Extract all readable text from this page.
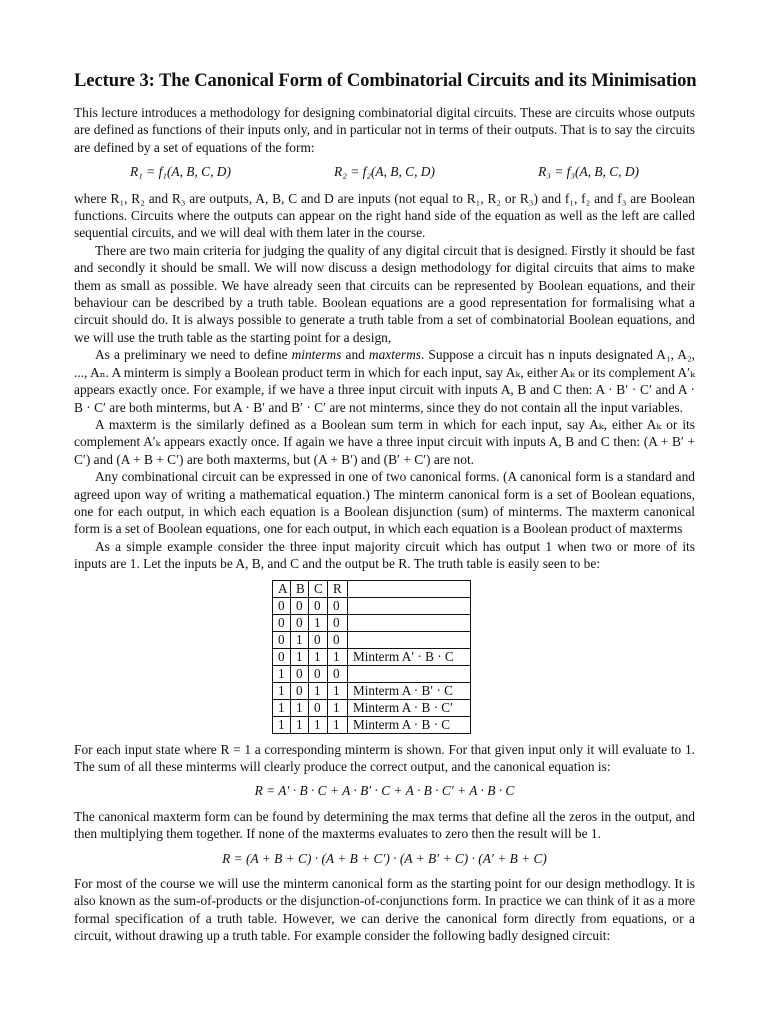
Lecture 3: The Canonical Form of Combinatorial Circuits and its Minimisation

This lecture introduces a methodology for designing combinatorial digital circuits. These are circuits whose outputs are defined as functions of their inputs only, and in particular not in terms of their outputs. That is to say the circuits are defined by a set of equations of the form:

R₁ = f₁(A, B, C, D)	R₂ = f₂(A, B, C, D)	R₃ = f₃(A, B, C, D)

where R₁, R₂ and R₃ are outputs, A, B, C and D are inputs (not equal to R₁, R₂ or R₃) and f₁, f₂ and f₃ are Boolean functions. Circuits where the outputs can appear on the right hand side of the equation as well as the left are called sequential circuits, and we will deal with them later in the course.

There are two main criteria for judging the quality of any digital circuit that is designed. Firstly it should be fast and secondly it should be small. We will now discuss a design methodology for digital circuits that aims to make them as small as possible. We have already seen that circuits can be represented by Boolean equations, and their behaviour can be described by a truth table. Boolean equations are a good representation for formalising what a circuit should do. It is always possible to generate a truth table from a set of combinatorial Boolean equations, and we will use the truth table as the starting point for a design,

As a preliminary we need to define minterms and maxterms. Suppose a circuit has n inputs designated A₁, A₂, ..., Aₙ. A minterm is simply a Boolean product term in which for each input, say Aₖ, either Aₖ or its complement A′ₖ appears exactly once. For example, if we have a three input circuit with inputs A, B and C then: A · B′ · C′ and A · B · C′ are both minterms, but A · B′ and B′ · C′ are not minterms, since they do not contain all the input variables.

A maxterm is the similarly defined as a Boolean sum term in which for each input, say Aₖ, either Aₖ or its complement A′ₖ appears exactly once. If again we have a three input circuit with inputs A, B and C then: (A + B′ + C′) and (A + B + C′) are both maxterms, but (A + B′) and (B′ + C′) are not.

Any combinational circuit can be expressed in one of two canonical forms. (A canonical form is a standard and agreed upon way of writing a mathematical equation.) The minterm canonical form is a set of Boolean equations, one for each output, in which each equation is a Boolean disjunction (sum) of minterms. The maxterm canonical form is a set of Boolean equations, one for each output, in which each equation is a Boolean product of maxterms

As a simple example consider the three input majority circuit which has output 1 when two or more of its inputs are 1. Let the inputs be A, B, and C and the output be R. The truth table is easily seen to be:

A	B	C	R	
0	0	0	0	
0	0	1	0	
0	1	0	0	
0	1	1	1	Minterm A′ · B · C
1	0	0	0	
1	0	1	1	Minterm A · B′ · C
1	1	0	1	Minterm A · B · C′
1	1	1	1	Minterm A · B · C

For each input state where R = 1 a corresponding minterm is shown. For that given input only it will evaluate to 1. The sum of all these minterms will clearly produce the correct output, and the canonical equation is:

R = A′ · B · C + A · B′ · C + A · B · C′ + A · B · C

The canonical maxterm form can be found by determining the max terms that define all the zeros in the output, and then multiplying them together. If none of the maxterms evaluates to zero then the result will be 1.

R = (A + B + C) · (A + B + C′) · (A + B′ + C) · (A′ + B + C)

For most of the course we will use the minterm canonical form as the starting point for our design methodlogy. It is also known as the sum-of-products or the disjunction-of-conjunctions form. In practice we can think of it as a more formal specification of a truth table. However, we can derive the canonical form directly from equations, or a circuit, without drawing up a truth table. For example consider the following badly designed circuit:
